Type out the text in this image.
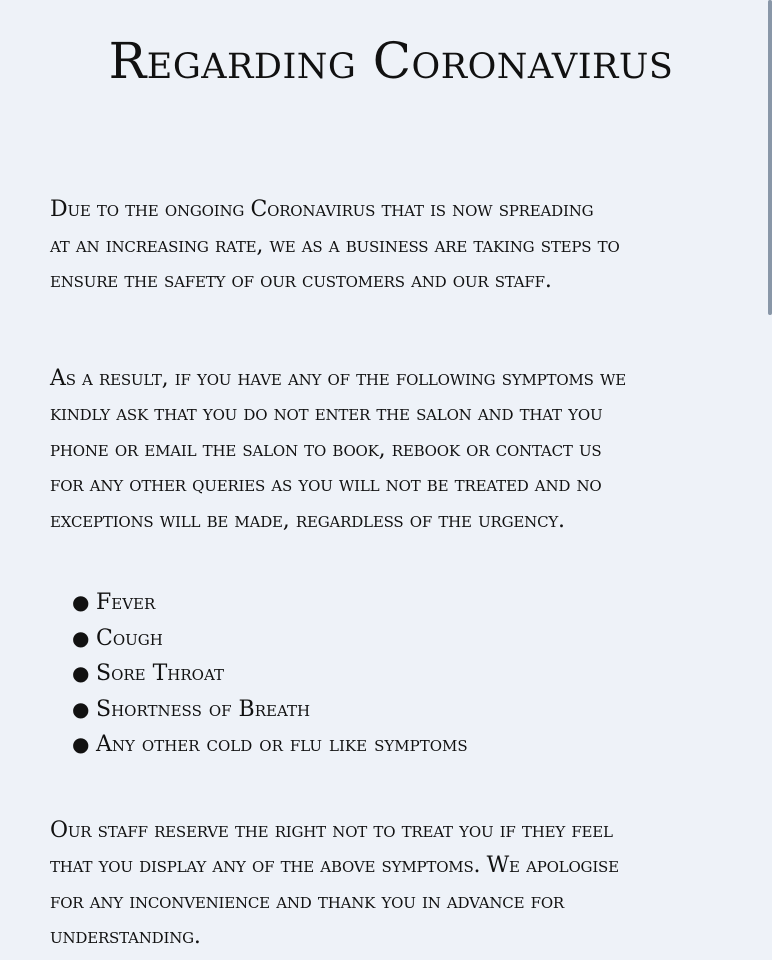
Regarding Coronavirus

Due to the ongoing Coronavirus that is now spreading
at an increasing rate, we as a business are taking steps to
ensure the safety of our customers and our staff.

As a result, if you have any of the following symptoms we
kindly ask that you do not enter the salon and that you
phone or email the salon to book, rebook or contact us
for any other queries as you will not be treated and no
exceptions will be made, regardless of the urgency.

● Fever
● Cough
● Sore Throat
● Shortness of Breath
● Any other cold or flu like symptoms

Our staff reserve the right not to treat you if they feel
that you display any of the above symptoms. We apologise
for any inconvenience and thank you in advance for
understanding.
